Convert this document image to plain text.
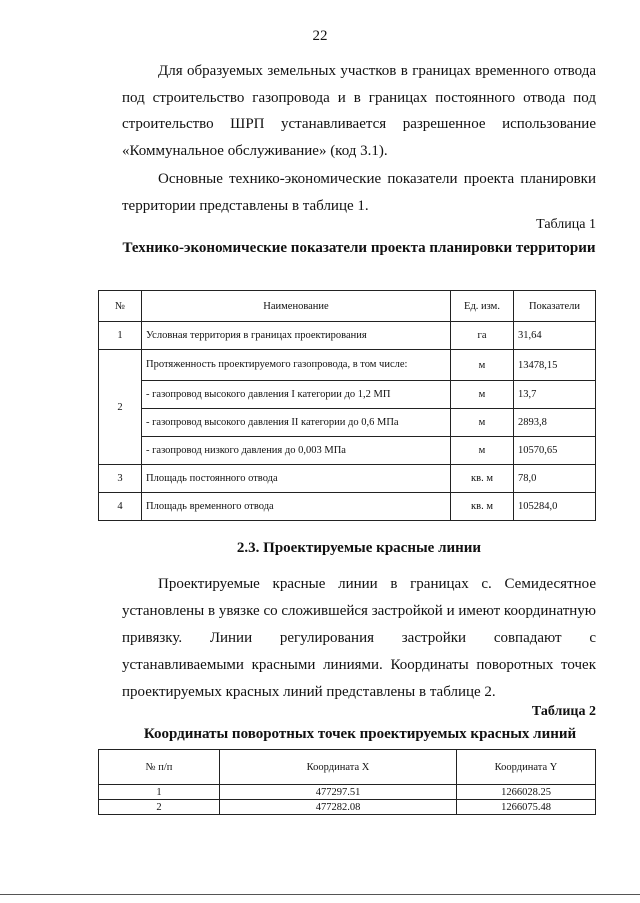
22

Для образуемых земельных участков в границах временного отвода под строительство газопровода и в границах постоянного отвода под строительство ШРП устанавливается разрешенное использование «Коммунальное обслуживание» (код 3.1).

Основные технико-экономические показатели проекта планировки территории представлены в таблице 1.

Таблица 1
Технико-экономические показатели проекта планировки территории
№	Наименование	Ед. изм.	Показатели
1	Условная территория в границах проектирования	га	31,64
2	Протяженность проектируемого газопровода, в том числе:	м	13478,15
	- газопровод высокого давления I категории до 1,2 МП	м	13,7
	- газопровод высокого давления II категории до 0,6 МПа	м	2893,8
	- газопровод низкого давления до 0,003 МПа	м	10570,65
3	Площадь постоянного отвода	кв. м	78,0
4	Площадь временного отвода	кв. м	105284,0
2.3. Проектируемые красные линии

Проектируемые красные линии в границах с. Семидесятное установлены в увязке со сложившейся застройкой и имеют координатную привязку. Линии регулирования застройки совпадают с устанавливаемыми красными линиями. Координаты поворотных точек проектируемых красных линий представлены в таблице 2.

Таблица 2
Координаты поворотных точек проектируемых красных линий
№ п/п	Координата X	Координата Y
1	477297.51	1266028.25
2	477282.08	1266075.48
